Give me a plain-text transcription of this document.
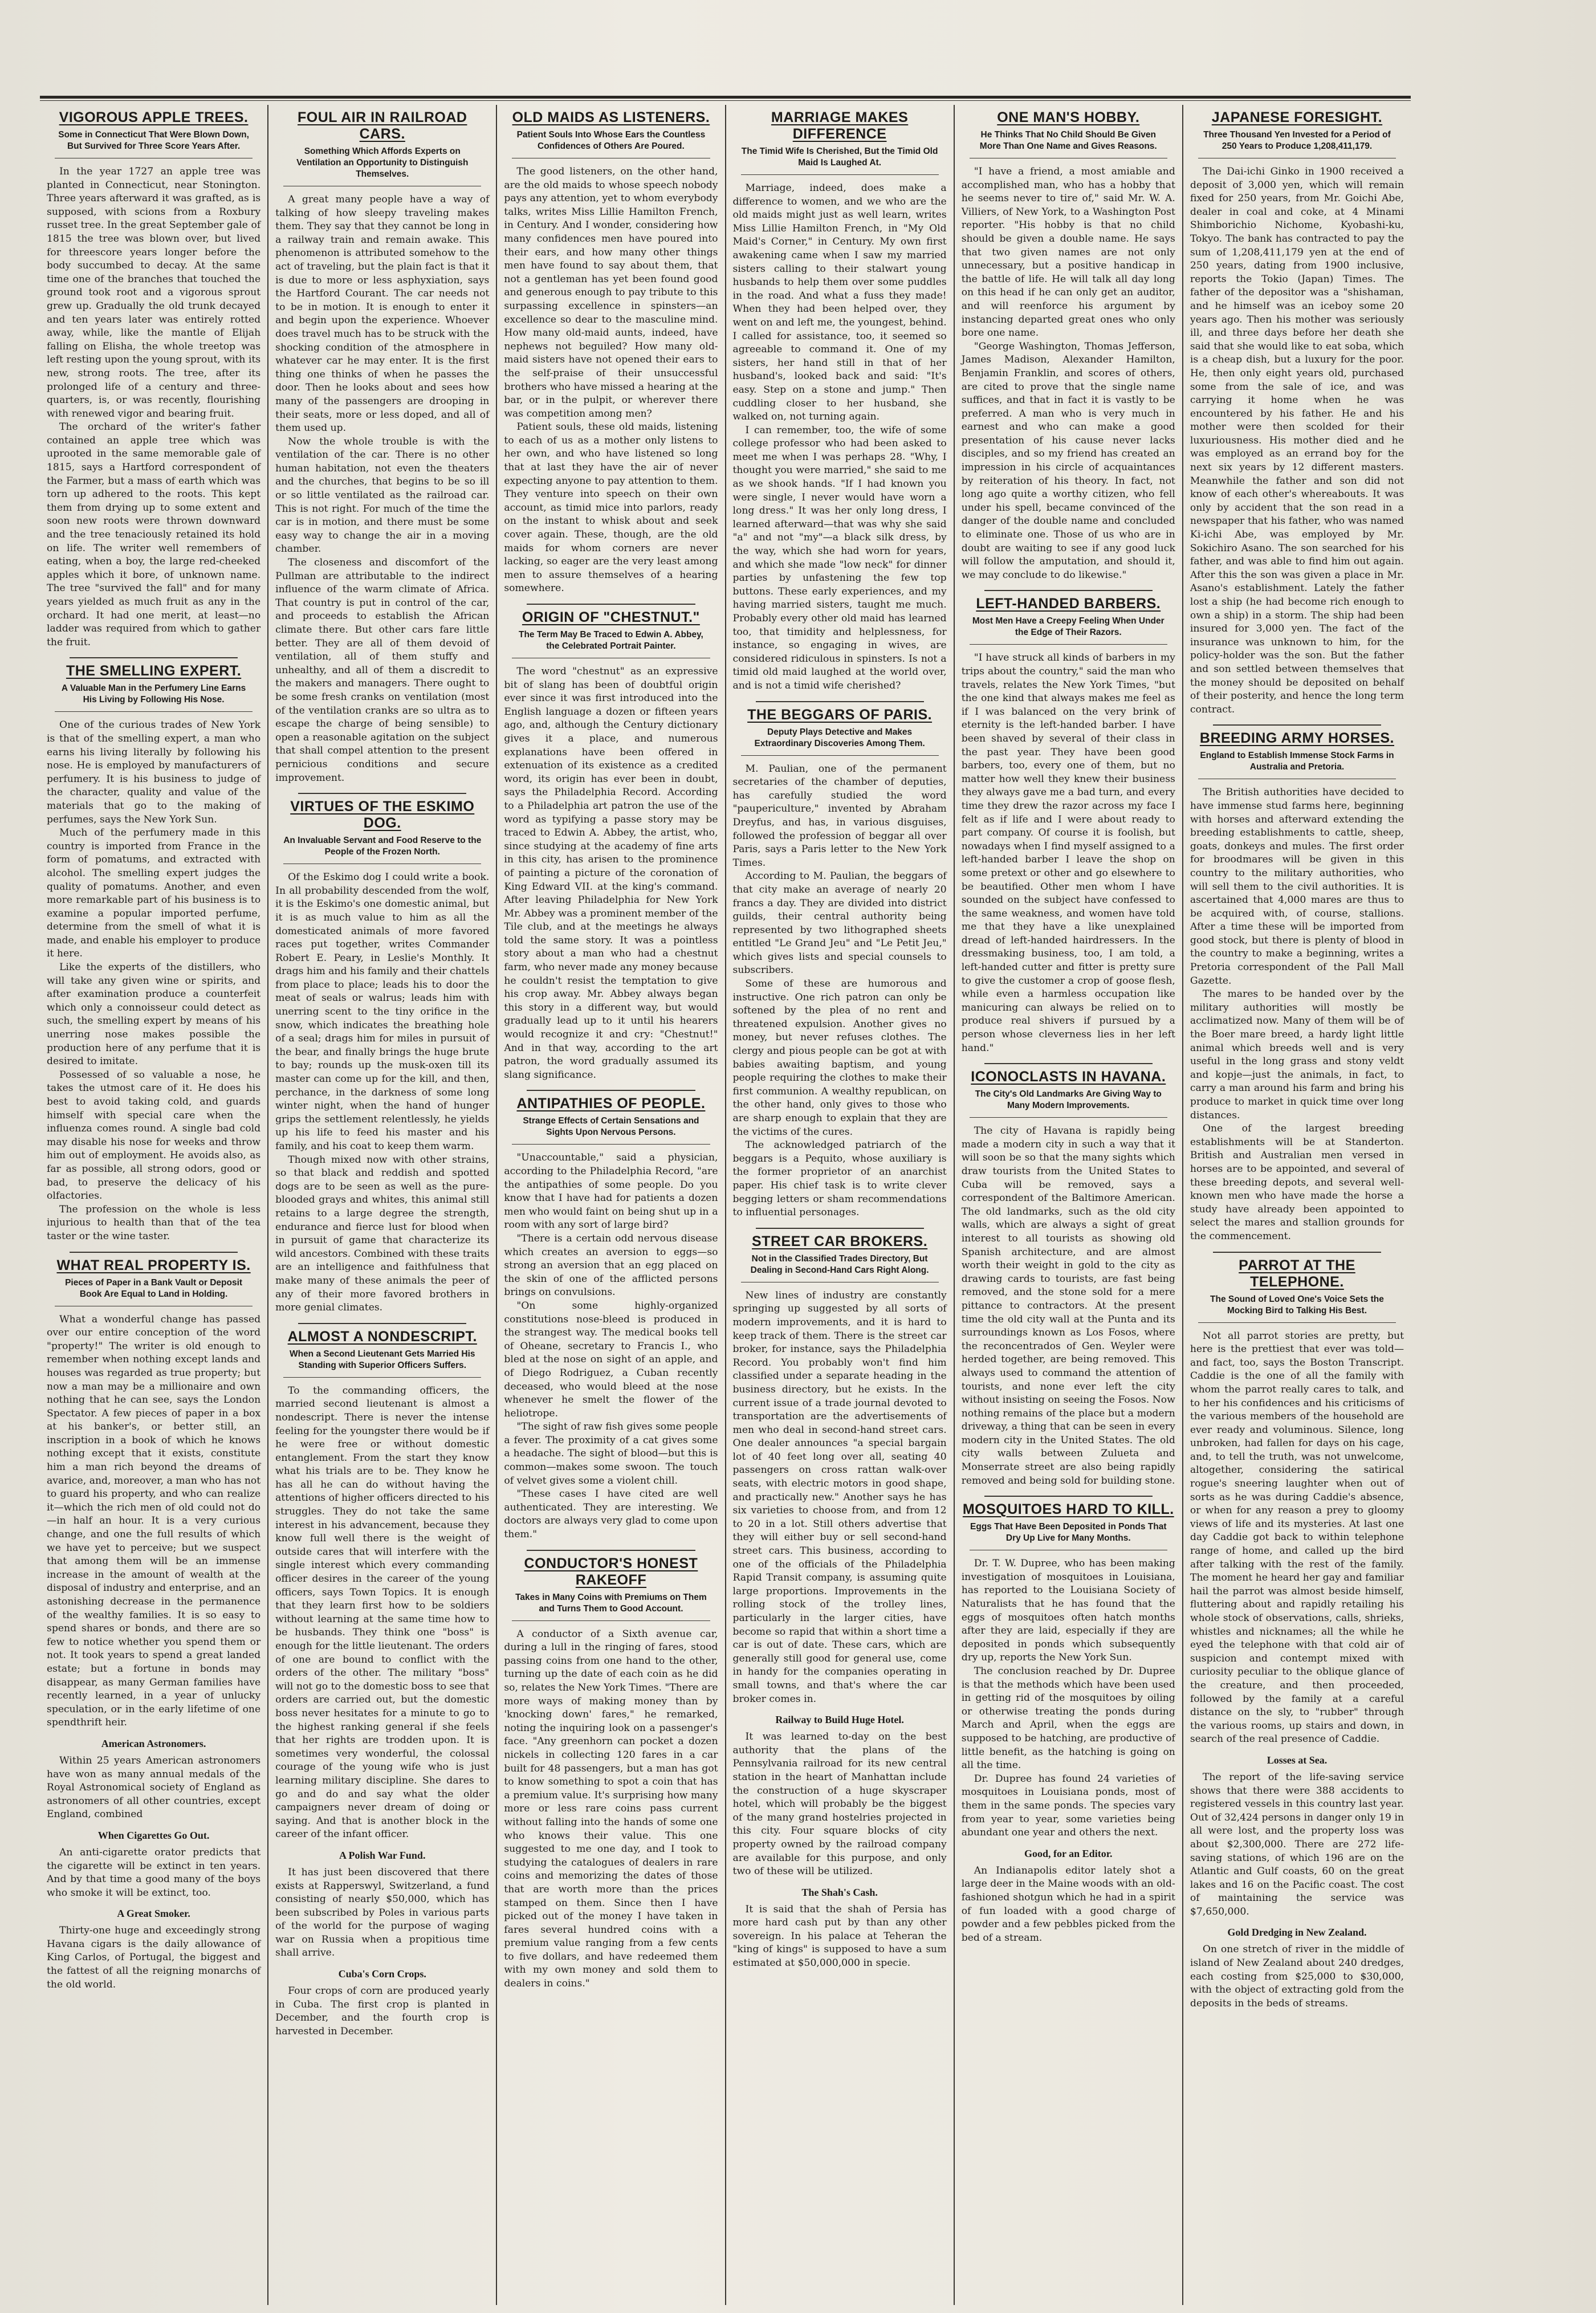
VIGOROUS APPLE TREES.
Some in Connecticut That Were Blown Down, But Survived for Three Score Years After.

In the year 1727 an apple tree was planted in Connecticut, near Stonington. Three years afterward it was grafted, as is supposed, with scions from a Roxbury russet tree. In the great September gale of 1815 the tree was blown over, but lived for threescore years longer before the body succumbed to decay. At the same time one of the branches that touched the ground took root and a vigorous sprout grew up. Gradually the old trunk decayed and ten years later was entirely rotted away, while, like the mantle of Elijah falling on Elisha, the whole treetop was left resting upon the young sprout, with its new, strong roots. The tree, after its prolonged life of a century and three-quarters, is, or was recently, flourishing with renewed vigor and bearing fruit.

The orchard of the writer's father contained an apple tree which was uprooted in the same memorable gale of 1815, says a Hartford correspondent of the Farmer, but a mass of earth which was torn up adhered to the roots. This kept them from drying up to some extent and soon new roots were thrown downward and the tree tenaciously retained its hold on life. The writer well remembers of eating, when a boy, the large red-cheeked apples which it bore, of unknown name. The tree "survived the fall" and for many years yielded as much fruit as any in the orchard. It had one merit, at least—no ladder was required from which to gather the fruit.

THE SMELLING EXPERT.
A Valuable Man in the Perfumery Line Earns His Living by Following His Nose.

One of the curious trades of New York is that of the smelling expert, a man who earns his living literally by following his nose. He is employed by manufacturers of perfumery. It is his business to judge of the character, quality and value of the materials that go to the making of perfumes, says the New York Sun.

Much of the perfumery made in this country is imported from France in the form of pomatums, and extracted with alcohol. The smelling expert judges the quality of pomatums. Another, and even more remarkable part of his business is to examine a popular imported perfume, determine from the smell of what it is made, and enable his employer to produce it here.

Like the experts of the distillers, who will take any given wine or spirits, and after examination produce a counterfeit which only a connoisseur could detect as such, the smelling expert by means of his unerring nose makes possible the production here of any perfume that it is desired to imitate.

Possessed of so valuable a nose, he takes the utmost care of it. He does his best to avoid taking cold, and guards himself with special care when the influenza comes round. A single bad cold may disable his nose for weeks and throw him out of employment. He avoids also, as far as possible, all strong odors, good or bad, to preserve the delicacy of his olfactories.

The profession on the whole is less injurious to health than that of the tea taster or the wine taster.

WHAT REAL PROPERTY IS.
Pieces of Paper in a Bank Vault or Deposit Book Are Equal to Land in Holding.

What a wonderful change has passed over our entire conception of the word "property!" The writer is old enough to remember when nothing except lands and houses was regarded as true property; but now a man may be a millionaire and own nothing that he can see, says the London Spectator. A few pieces of paper in a box at his banker's, or better still, an inscription in a book of which he knows nothing except that it exists, constitute him a man rich beyond the dreams of avarice, and, moreover, a man who has not to guard his property, and who can realize it—which the rich men of old could not do—in half an hour. It is a very curious change, and one the full results of which we have yet to perceive; but we suspect that among them will be an immense increase in the amount of wealth at the disposal of industry and enterprise, and an astonishing decrease in the permanence of the wealthy families. It is so easy to spend shares or bonds, and there are so few to notice whether you spend them or not. It took years to spend a great landed estate; but a fortune in bonds may disappear, as many German families have recently learned, in a year of unlucky speculation, or in the early lifetime of one spendthrift heir.

American Astronomers.

Within 25 years American astronomers have won as many annual medals of the Royal Astronomical society of England as astronomers of all other countries, except England, combined

When Cigarettes Go Out.

An anti-cigarette orator predicts that the cigarette will be extinct in ten years. And by that time a good many of the boys who smoke it will be extinct, too.

A Great Smoker.

Thirty-one huge and exceedingly strong Havana cigars is the daily allowance of King Carlos, of Portugal, the biggest and the fattest of all the reigning monarchs of the old world.

FOUL AIR IN RAILROAD CARS.
Something Which Affords Experts on Ventilation an Opportunity to Distinguish Themselves.

A great many people have a way of talking of how sleepy traveling makes them. They say that they cannot be long in a railway train and remain awake. This phenomenon is attributed somehow to the act of traveling, but the plain fact is that it is due to more or less asphyxiation, says the Hartford Courant. The car needs not to be in motion. It is enough to enter it and begin upon the experience. Whoever does travel much has to be struck with the shocking condition of the atmosphere in whatever car he may enter. It is the first thing one thinks of when he passes the door. Then he looks about and sees how many of the passengers are drooping in their seats, more or less doped, and all of them used up.

Now the whole trouble is with the ventilation of the car. There is no other human habitation, not even the theaters and the churches, that begins to be so ill or so little ventilated as the railroad car. This is not right. For much of the time the car is in motion, and there must be some easy way to change the air in a moving chamber.

The closeness and discomfort of the Pullman are attributable to the indirect influence of the warm climate of Africa. That country is put in control of the car, and proceeds to establish the African climate there. But other cars fare little better. They are all of them devoid of ventilation, all of them stuffy and unhealthy, and all of them a discredit to the makers and managers. There ought to be some fresh cranks on ventilation (most of the ventilation cranks are so ultra as to escape the charge of being sensible) to open a reasonable agitation on the subject that shall compel attention to the present pernicious conditions and secure improvement.

VIRTUES OF THE ESKIMO DOG.
An Invaluable Servant and Food Reserve to the People of the Frozen North.

Of the Eskimo dog I could write a book. In all probability descended from the wolf, it is the Eskimo's one domestic animal, but it is as much value to him as all the domesticated animals of more favored races put together, writes Commander Robert E. Peary, in Leslie's Monthly. It drags him and his family and their chattels from place to place; leads his to door the meat of seals or walrus; leads him with unerring scent to the tiny orifice in the snow, which indicates the breathing hole of a seal; drags him for miles in pursuit of the bear, and finally brings the huge brute to bay; rounds up the musk-oxen till its master can come up for the kill, and then, perchance, in the darkness of some long winter night, when the hand of hunger grips the settlement relentlessly, he yields up his life to feed his master and his family, and his coat to keep them warm.

Though mixed now with other strains, so that black and reddish and spotted dogs are to be seen as well as the pure-blooded grays and whites, this animal still retains to a large degree the strength, endurance and fierce lust for blood when in pursuit of game that characterize its wild ancestors. Combined with these traits are an intelligence and faithfulness that make many of these animals the peer of any of their more favored brothers in more genial climates.

ALMOST A NONDESCRIPT.
When a Second Lieutenant Gets Married His Standing with Superior Officers Suffers.

To the commanding officers, the married second lieutenant is almost a nondescript. There is never the intense feeling for the youngster there would be if he were free or without domestic entanglement. From the start they know what his trials are to be. They know he has all he can do without having the attentions of higher officers directed to his struggles. They do not take the same interest in his advancement, because they know full well there is the weight of outside cares that will interfere with the single interest which every commanding officer desires in the career of the young officers, says Town Topics. It is enough that they learn first how to be soldiers without learning at the same time how to be husbands. They think one "boss" is enough for the little lieutenant. The orders of one are bound to conflict with the orders of the other. The military "boss" will not go to the domestic boss to see that orders are carried out, but the domestic boss never hesitates for a minute to go to the highest ranking general if she feels that her rights are trodden upon. It is sometimes very wonderful, the colossal courage of the young wife who is just learning military discipline. She dares to go and do and say what the older campaigners never dream of doing or saying. And that is another block in the career of the infant officer.

A Polish War Fund.

It has just been discovered that there exists at Rapperswyl, Switzerland, a fund consisting of nearly $50,000, which has been subscribed by Poles in various parts of the world for the purpose of waging war on Russia when a propitious time shall arrive.

Cuba's Corn Crops.

Four crops of corn are produced yearly in Cuba. The first crop is planted in December, and the fourth crop is harvested in December.

OLD MAIDS AS LISTENERS.
Patient Souls Into Whose Ears the Countless Confidences of Others Are Poured.

The good listeners, on the other hand, are the old maids to whose speech nobody pays any attention, yet to whom everybody talks, writes Miss Lillie Hamilton French, in Century. And I wonder, considering how many confidences men have poured into their ears, and how many other things men have found to say about them, that not a gentleman has yet been found good and generous enough to pay tribute to this surpassing excellence in spinsters—an excellence so dear to the masculine mind. How many old-maid aunts, indeed, have nephews not beguiled? How many old-maid sisters have not opened their ears to the self-praise of their unsuccessful brothers who have missed a hearing at the bar, or in the pulpit, or wherever there was competition among men?

Patient souls, these old maids, listening to each of us as a mother only listens to her own, and who have listened so long that at last they have the air of never expecting anyone to pay attention to them. They venture into speech on their own account, as timid mice into parlors, ready on the instant to whisk about and seek cover again. These, though, are the old maids for whom corners are never lacking, so eager are the very least among men to assure themselves of a hearing somewhere.

ORIGIN OF "CHESTNUT."
The Term May Be Traced to Edwin A. Abbey, the Celebrated Portrait Painter.

The word "chestnut" as an expressive bit of slang has been of doubtful origin ever since it was first introduced into the English language a dozen or fifteen years ago, and, although the Century dictionary gives it a place, and numerous explanations have been offered in extenuation of its existence as a credited word, its origin has ever been in doubt, says the Philadelphia Record. According to a Philadelphia art patron the use of the word as typifying a passe story may be traced to Edwin A. Abbey, the artist, who, since studying at the academy of fine arts in this city, has arisen to the prominence of painting a picture of the coronation of King Edward VII. at the king's command. After leaving Philadelphia for New York Mr. Abbey was a prominent member of the Tile club, and at the meetings he always told the same story. It was a pointless story about a man who had a chestnut farm, who never made any money because he couldn't resist the temptation to give his crop away. Mr. Abbey always began this story in a different way, but would gradually lead up to it until his hearers would recognize it and cry: "Chestnut!" And in that way, according to the art patron, the word gradually assumed its slang significance.

ANTIPATHIES OF PEOPLE.
Strange Effects of Certain Sensations and Sights Upon Nervous Persons.

"Unaccountable," said a physician, according to the Philadelphia Record, "are the antipathies of some people. Do you know that I have had for patients a dozen men who would faint on being shut up in a room with any sort of large bird?

"There is a certain odd nervous disease which creates an aversion to eggs—so strong an aversion that an egg placed on the skin of one of the afflicted persons brings on convulsions.

"On some highly-organized constitutions nose-bleed is produced in the strangest way. The medical books tell of Oheane, secretary to Francis I., who bled at the nose on sight of an apple, and of Diego Rodriguez, a Cuban recently deceased, who would bleed at the nose whenever he smelt the flower of the heliotrope.

"The sight of raw fish gives some people a fever. The proximity of a cat gives some a headache. The sight of blood—but this is common—makes some swoon. The touch of velvet gives some a violent chill.

"These cases I have cited are well authenticated. They are interesting. We doctors are always very glad to come upon them."

CONDUCTOR'S HONEST RAKEOFF
Takes in Many Coins with Premiums on Them and Turns Them to Good Account.

A conductor of a Sixth avenue car, during a lull in the ringing of fares, stood passing coins from one hand to the other, turning up the date of each coin as he did so, relates the New York Times. "There are more ways of making money than by 'knocking down' fares," he remarked, noting the inquiring look on a passenger's face. "Any greenhorn can pocket a dozen nickels in collecting 120 fares in a car built for 48 passengers, but a man has got to know something to spot a coin that has a premium value. It's surprising how many more or less rare coins pass current without falling into the hands of some one who knows their value. This one suggested to me one day, and I took to studying the catalogues of dealers in rare coins and memorizing the dates of those that are worth more than the prices stamped on them. Since then I have picked out of the money I have taken in fares several hundred coins with a premium value ranging from a few cents to five dollars, and have redeemed them with my own money and sold them to dealers in coins."

MARRIAGE MAKES DIFFERENCE
The Timid Wife Is Cherished, But the Timid Old Maid Is Laughed At.

Marriage, indeed, does make a difference to women, and we who are the old maids might just as well learn, writes Miss Lillie Hamilton French, in "My Old Maid's Corner," in Century. My own first awakening came when I saw my married sisters calling to their stalwart young husbands to help them over some puddles in the road. And what a fuss they made! When they had been helped over, they went on and left me, the youngest, behind. I called for assistance, too, it seemed so agreeable to command it. One of my sisters, her hand still in that of her husband's, looked back and said: "It's easy. Step on a stone and jump." Then cuddling closer to her husband, she walked on, not turning again.

I can remember, too, the wife of some college professor who had been asked to meet me when I was perhaps 28. "Why, I thought you were married," she said to me as we shook hands. "If I had known you were single, I never would have worn a long dress." It was her only long dress, I learned afterward—that was why she said "a" and not "my"—a black silk dress, by the way, which she had worn for years, and which she made "low neck" for dinner parties by unfastening the few top buttons. These early experiences, and my having married sisters, taught me much. Probably every other old maid has learned too, that timidity and helplessness, for instance, so engaging in wives, are considered ridiculous in spinsters. Is not a timid old maid laughed at the world over, and is not a timid wife cherished?

THE BEGGARS OF PARIS.
Deputy Plays Detective and Makes Extraordinary Discoveries Among Them.

M. Paulian, one of the permanent secretaries of the chamber of deputies, has carefully studied the word "paupericulture," invented by Abraham Dreyfus, and has, in various disguises, followed the profession of beggar all over Paris, says a Paris letter to the New York Times.

According to M. Paulian, the beggars of that city make an average of nearly 20 francs a day. They are divided into district guilds, their central authority being represented by two lithographed sheets entitled "Le Grand Jeu" and "Le Petit Jeu," which gives lists and special counsels to subscribers.

Some of these are humorous and instructive. One rich patron can only be softened by the plea of no rent and threatened expulsion. Another gives no money, but never refuses clothes. The clergy and pious people can be got at with babies awaiting baptism, and young people requiring the clothes to make their first communion. A wealthy republican, on the other hand, only gives to those who are sharp enough to explain that they are the victims of the cures.

The acknowledged patriarch of the beggars is a Pequito, whose auxiliary is the former proprietor of an anarchist paper. His chief task is to write clever begging letters or sham recommendations to influential personages.

STREET CAR BROKERS.
Not in the Classified Trades Directory, But Dealing in Second-Hand Cars Right Along.

New lines of industry are constantly springing up suggested by all sorts of modern improvements, and it is hard to keep track of them. There is the street car broker, for instance, says the Philadelphia Record. You probably won't find him classified under a separate heading in the business directory, but he exists. In the current issue of a trade journal devoted to transportation are the advertisements of men who deal in second-hand street cars. One dealer announces "a special bargain lot of 40 feet long over all, seating 40 passengers on cross rattan walk-over seats, with electric motors in good shape, and practically new." Another says he has six varieties to choose from, and from 12 to 20 in a lot. Still others advertise that they will either buy or sell second-hand street cars. This business, according to one of the officials of the Philadelphia Rapid Transit company, is assuming quite large proportions. Improvements in the rolling stock of the trolley lines, particularly in the larger cities, have become so rapid that within a short time a car is out of date. These cars, which are generally still good for general use, come in handy for the companies operating in small towns, and that's where the car broker comes in.

Railway to Build Huge Hotel.

It was learned to-day on the best authority that the plans of the Pennsylvania railroad for its new central station in the heart of Manhattan include the construction of a huge skyscraper hotel, which will probably be the biggest of the many grand hostelries projected in this city. Four square blocks of city property owned by the railroad company are available for this purpose, and only two of these will be utilized.

The Shah's Cash.

It is said that the shah of Persia has more hard cash put by than any other sovereign. In his palace at Teheran the "king of kings" is supposed to have a sum estimated at $50,000,000 in specie.

ONE MAN'S HOBBY.
He Thinks That No Child Should Be Given More Than One Name and Gives Reasons.

"I have a friend, a most amiable and accomplished man, who has a hobby that he seems never to tire of," said Mr. W. A. Villiers, of New York, to a Washington Post reporter. "His hobby is that no child should be given a double name. He says that two given names are not only unnecessary, but a positive handicap in the battle of life. He will talk all day long on this head if he can only get an auditor, and will reenforce his argument by instancing departed great ones who only bore one name.

"George Washington, Thomas Jefferson, James Madison, Alexander Hamilton, Benjamin Franklin, and scores of others, are cited to prove that the single name suffices, and that in fact it is vastly to be preferred. A man who is very much in earnest and who can make a good presentation of his cause never lacks disciples, and so my friend has created an impression in his circle of acquaintances by reiteration of his theory. In fact, not long ago quite a worthy citizen, who fell under his spell, became convinced of the danger of the double name and concluded to eliminate one. Those of us who are in doubt are waiting to see if any good luck will follow the amputation, and should it, we may conclude to do likewise."

LEFT-HANDED BARBERS.
Most Men Have a Creepy Feeling When Under the Edge of Their Razors.

"I have struck all kinds of barbers in my trips about the country," said the man who travels, relates the New York Times, "but the one kind that always makes me feel as if I was balanced on the very brink of eternity is the left-handed barber. I have been shaved by several of their class in the past year. They have been good barbers, too, every one of them, but no matter how well they knew their business they always gave me a bad turn, and every time they drew the razor across my face I felt as if life and I were about ready to part company. Of course it is foolish, but nowadays when I find myself assigned to a left-handed barber I leave the shop on some pretext or other and go elsewhere to be beautified. Other men whom I have sounded on the subject have confessed to the same weakness, and women have told me that they have a like unexplained dread of left-handed hairdressers. In the dressmaking business, too, I am told, a left-handed cutter and fitter is pretty sure to give the customer a crop of goose flesh, while even a harmless occupation like manicuring can always be relied on to produce real shivers if pursued by a person whose cleverness lies in her left hand."

ICONOCLASTS IN HAVANA.
The City's Old Landmarks Are Giving Way to Many Modern Improvements.

The city of Havana is rapidly being made a modern city in such a way that it will soon be so that the many sights which draw tourists from the United States to Cuba will be removed, says a correspondent of the Baltimore American. The old landmarks, such as the old city walls, which are always a sight of great interest to all tourists as showing old Spanish architecture, and are almost worth their weight in gold to the city as drawing cards to tourists, are fast being removed, and the stone sold for a mere pittance to contractors. At the present time the old city wall at the Punta and its surroundings known as Los Fosos, where the reconcentrados of Gen. Weyler were herded together, are being removed. This always used to command the attention of tourists, and none ever left the city without insisting on seeing the Fosos. Now nothing remains of the place but a modern driveway, a thing that can be seen in every modern city in the United States. The old city walls between Zulueta and Monserrate street are also being rapidly removed and being sold for building stone.

MOSQUITOES HARD TO KILL.
Eggs That Have Been Deposited in Ponds That Dry Up Live for Many Months.

Dr. T. W. Dupree, who has been making investigation of mosquitoes in Louisiana, has reported to the Louisiana Society of Naturalists that he has found that the eggs of mosquitoes often hatch months after they are laid, especially if they are deposited in ponds which subsequently dry up, reports the New York Sun.

The conclusion reached by Dr. Dupree is that the methods which have been used in getting rid of the mosquitoes by oiling or otherwise treating the ponds during March and April, when the eggs are supposed to be hatching, are productive of little benefit, as the hatching is going on all the time.

Dr. Dupree has found 24 varieties of mosquitoes in Louisiana ponds, most of them in the same ponds. The species vary from year to year, some varieties being abundant one year and others the next.

Good, for an Editor.

An Indianapolis editor lately shot a large deer in the Maine woods with an old-fashioned shotgun which he had in a spirit of fun loaded with a good charge of powder and a few pebbles picked from the bed of a stream.

JAPANESE FORESIGHT.
Three Thousand Yen Invested for a Period of 250 Years to Produce 1,208,411,179.

The Dai-ichi Ginko in 1900 received a deposit of 3,000 yen, which will remain fixed for 250 years, from Mr. Goichi Abe, dealer in coal and coke, at 4 Minami Shimborichio Nichome, Kyobashi-ku, Tokyo. The bank has contracted to pay the sum of 1,208,411,179 yen at the end of 250 years, dating from 1900 inclusive, reports the Tokio (Japan) Times. The father of the depositor was a "shishaman, and he himself was an iceboy some 20 years ago. Then his mother was seriously ill, and three days before her death she said that she would like to eat soba, which is a cheap dish, but a luxury for the poor. He, then only eight years old, purchased some from the sale of ice, and was carrying it home when he was encountered by his father. He and his mother were then scolded for their luxuriousness. His mother died and he was employed as an errand boy for the next six years by 12 different masters. Meanwhile the father and son did not know of each other's whereabouts. It was only by accident that the son read in a newspaper that his father, who was named Ki-ichi Abe, was employed by Mr. Sokichiro Asano. The son searched for his father, and was able to find him out again. After this the son was given a place in Mr. Asano's establishment. Lately the father lost a ship (he had become rich enough to own a ship) in a storm. The ship had been insured for 3,000 yen. The fact of the insurance was unknown to him, for the policy-holder was the son. But the father and son settled between themselves that the money should be deposited on behalf of their posterity, and hence the long term contract.

BREEDING ARMY HORSES.
England to Establish Immense Stock Farms in Australia and Pretoria.

The British authorities have decided to have immense stud farms here, beginning with horses and afterward extending the breeding establishments to cattle, sheep, goats, donkeys and mules. The first order for broodmares will be given in this country to the military authorities, who will sell them to the civil authorities. It is ascertained that 4,000 mares are thus to be acquired with, of course, stallions. After a time these will be imported from good stock, but there is plenty of blood in the country to make a beginning, writes a Pretoria correspondent of the Pall Mall Gazette.

The mares to be handed over by the military authorities will mostly be acclimatized now. Many of them will be of the Boer mare breed, a hardy light little animal which breeds well and is very useful in the long grass and stony veldt and kopje—just the animals, in fact, to carry a man around his farm and bring his produce to market in quick time over long distances.

One of the largest breeding establishments will be at Standerton. British and Australian men versed in horses are to be appointed, and several of these breeding depots, and several well-known men who have made the horse a study have already been appointed to select the mares and stallion grounds for the commencement.

PARROT AT THE TELEPHONE.
The Sound of Loved One's Voice Sets the Mocking Bird to Talking His Best.

Not all parrot stories are pretty, but here is the prettiest that ever was told—and fact, too, says the Boston Transcript. Caddie is the one of all the family with whom the parrot really cares to talk, and to her his confidences and his criticisms of the various members of the household are ever ready and voluminous. Silence, long unbroken, had fallen for days on his cage, and, to tell the truth, was not unwelcome, altogether, considering the satirical rogue's sneering laughter when out of sorts as he was during Caddie's absence, or when for any reason a prey to gloomy views of life and its mysteries. At last one day Caddie got back to within telephone range of home, and called up the bird after talking with the rest of the family. The moment he heard her gay and familiar hail the parrot was almost beside himself, fluttering about and rapidly retailing his whole stock of observations, calls, shrieks, whistles and nicknames; all the while he eyed the telephone with that cold air of suspicion and contempt mixed with curiosity peculiar to the oblique glance of the creature, and then proceeded, followed by the family at a careful distance on the sly, to "rubber" through the various rooms, up stairs and down, in search of the real presence of Caddie.

Losses at Sea.

The report of the life-saving service shows that there were 388 accidents to registered vessels in this country last year. Out of 32,424 persons in danger only 19 in all were lost, and the property loss was about $2,300,000. There are 272 life-saving stations, of which 196 are on the Atlantic and Gulf coasts, 60 on the great lakes and 16 on the Pacific coast. The cost of maintaining the service was $7,650,000.

Gold Dredging in New Zealand.

On one stretch of river in the middle of island of New Zealand about 240 dredges, each costing from $25,000 to $30,000, with the object of extracting gold from the deposits in the beds of streams.
